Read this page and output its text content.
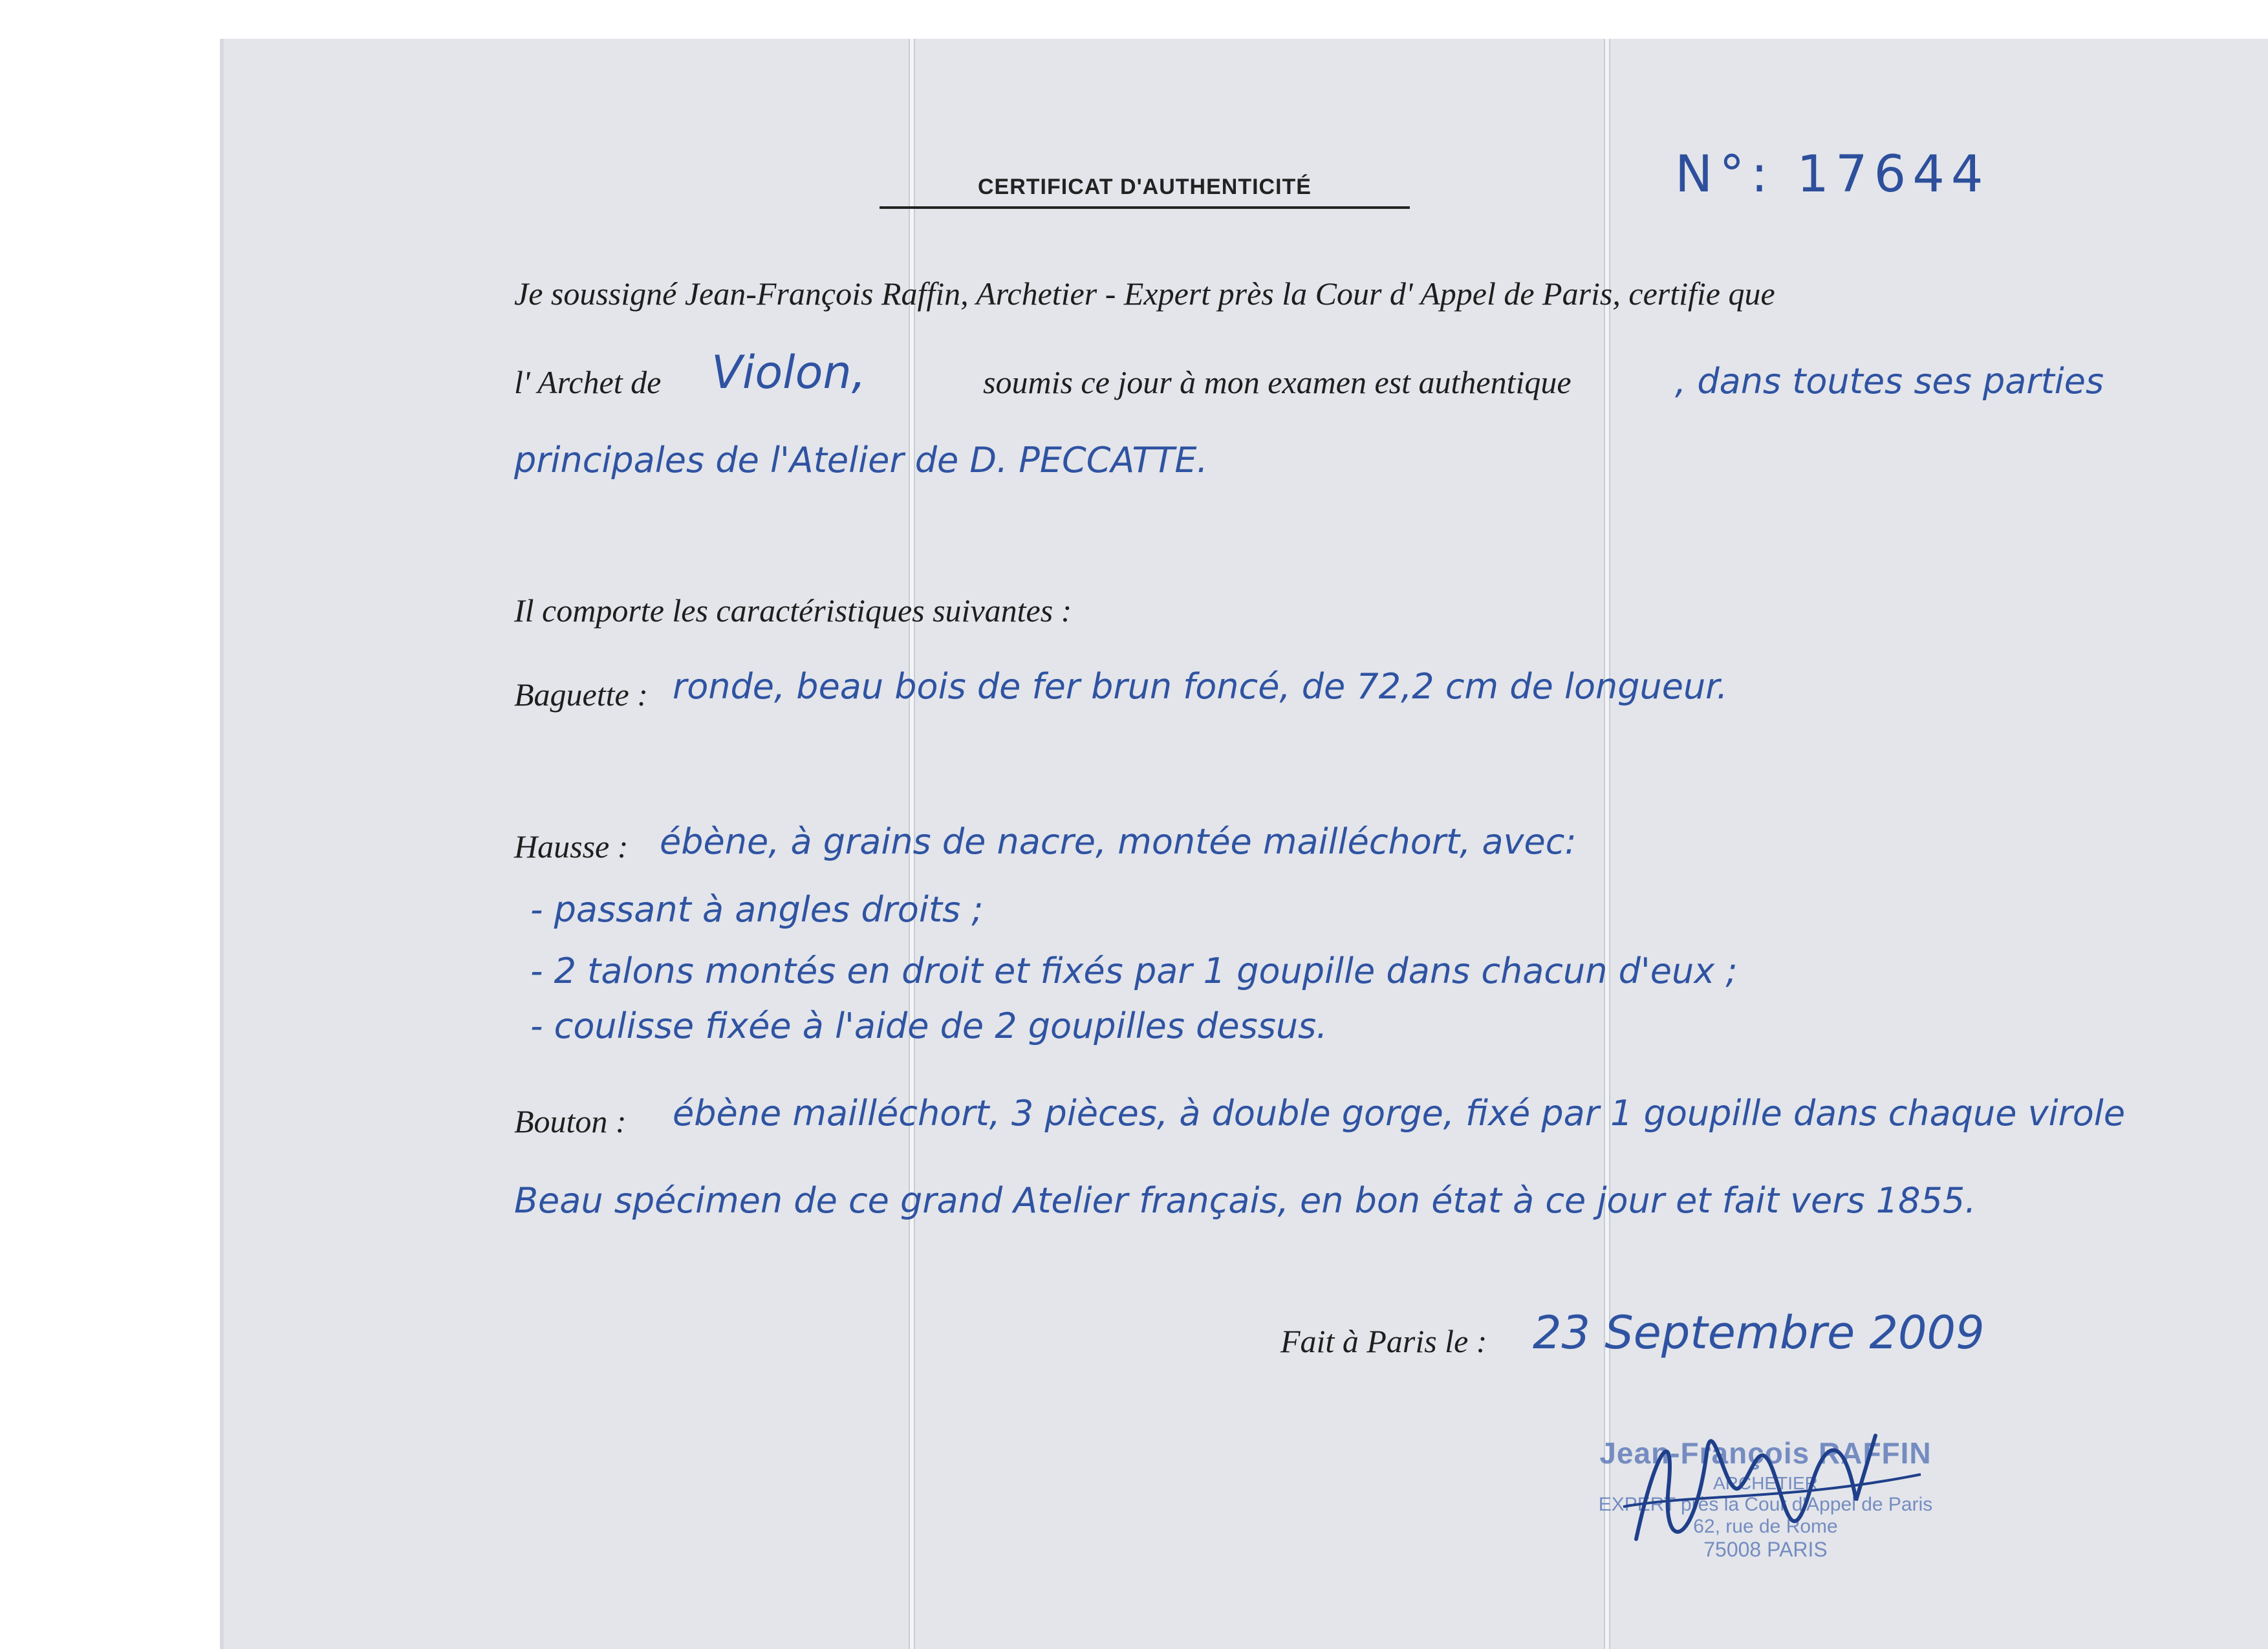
CERTIFICAT D'AUTHENTICITÉ	N°: 17644
Je soussigné Jean-François Raffin, Archetier - Expert près la Cour d' Appel de Paris, certifie que
l' Archet de Violon,	soumis ce jour à mon examen est authentique	, dans toutes ses parties
principales de l'Atelier de D. PECCATTE.
Il comporte les caractéristiques suivantes :
Baguette : ronde, beau bois de fer brun foncé, de 72,2 cm de longueur.
Hausse : ébène, à grains de nacre, montée mailléchort, avec:
- passant à angles droits ;
- 2 talons montés en droit et fixés par 1 goupille dans chacun d'eux ;
- coulisse fixée à l'aide de 2 goupilles dessus.
Bouton : ébène mailléchort, 3 pièces, à double gorge, fixé par 1 goupille dans chaque virole
Beau spécimen de ce grand Atelier français, en bon état à ce jour et fait vers 1855.
Fait à Paris le : 23 Septembre 2009
Jean-François RAFFIN
ARCHETIER
EXPERT près la Cour d'Appel de Paris
62, rue de Rome
75008 PARIS
